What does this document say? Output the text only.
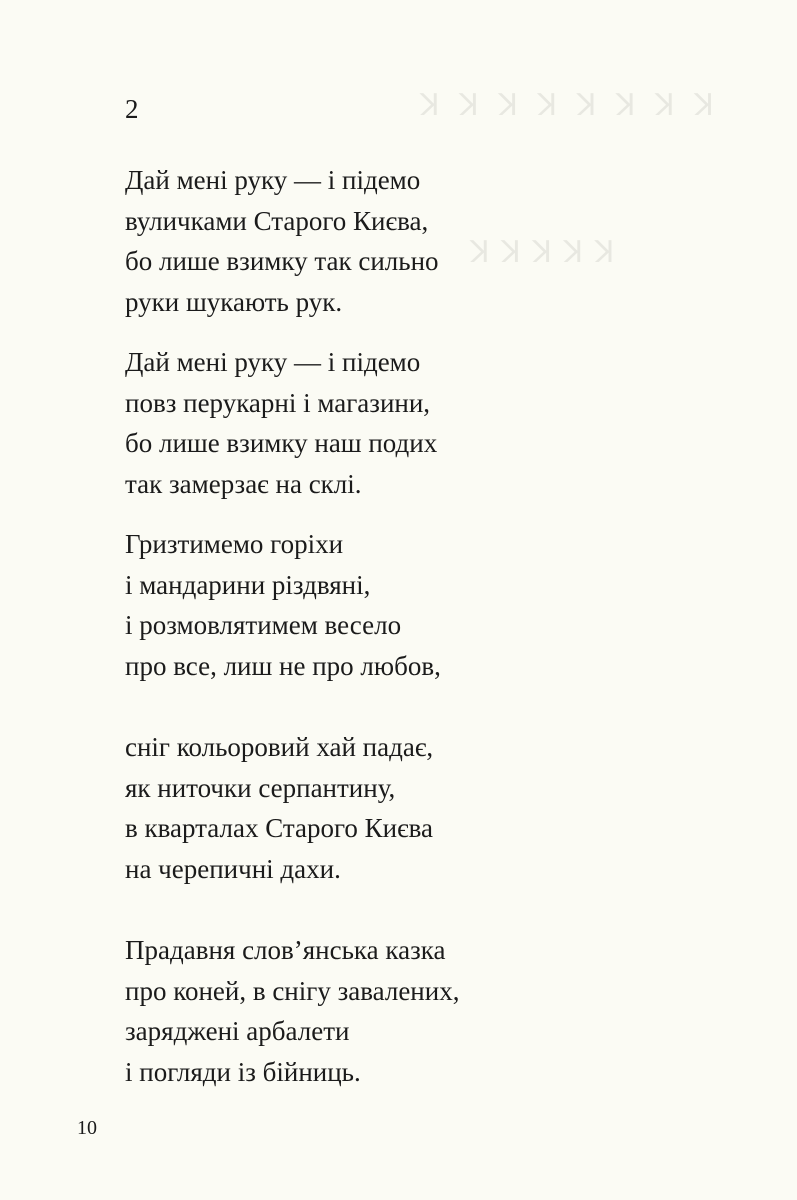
ꓘ ꓘ ꓘ ꓘ ꓘ ꓘ ꓘ ꓘ
ꓘ ꓘ ꓘ ꓘ ꓘ
2
Дай мені руку — і підемо
вуличками Старого Києва,
бо лише взимку так сильно
руки шукають рук.
Дай мені руку — і підемо
повз перукарні і магазини,
бо лише взимку наш подих
так замерзає на склі.
Гризтимемо горіхи
і мандарини різдвяні,
і розмовлятимем весело
про все, лиш не про любов,
сніг кольоровий хай падає,
як ниточки серпантину,
в кварталах Старого Києва
на черепичні дахи.
Прадавня слов’янська казка
про коней, в снігу завалених,
заряджені арбалети
і погляди із бійниць.
10
